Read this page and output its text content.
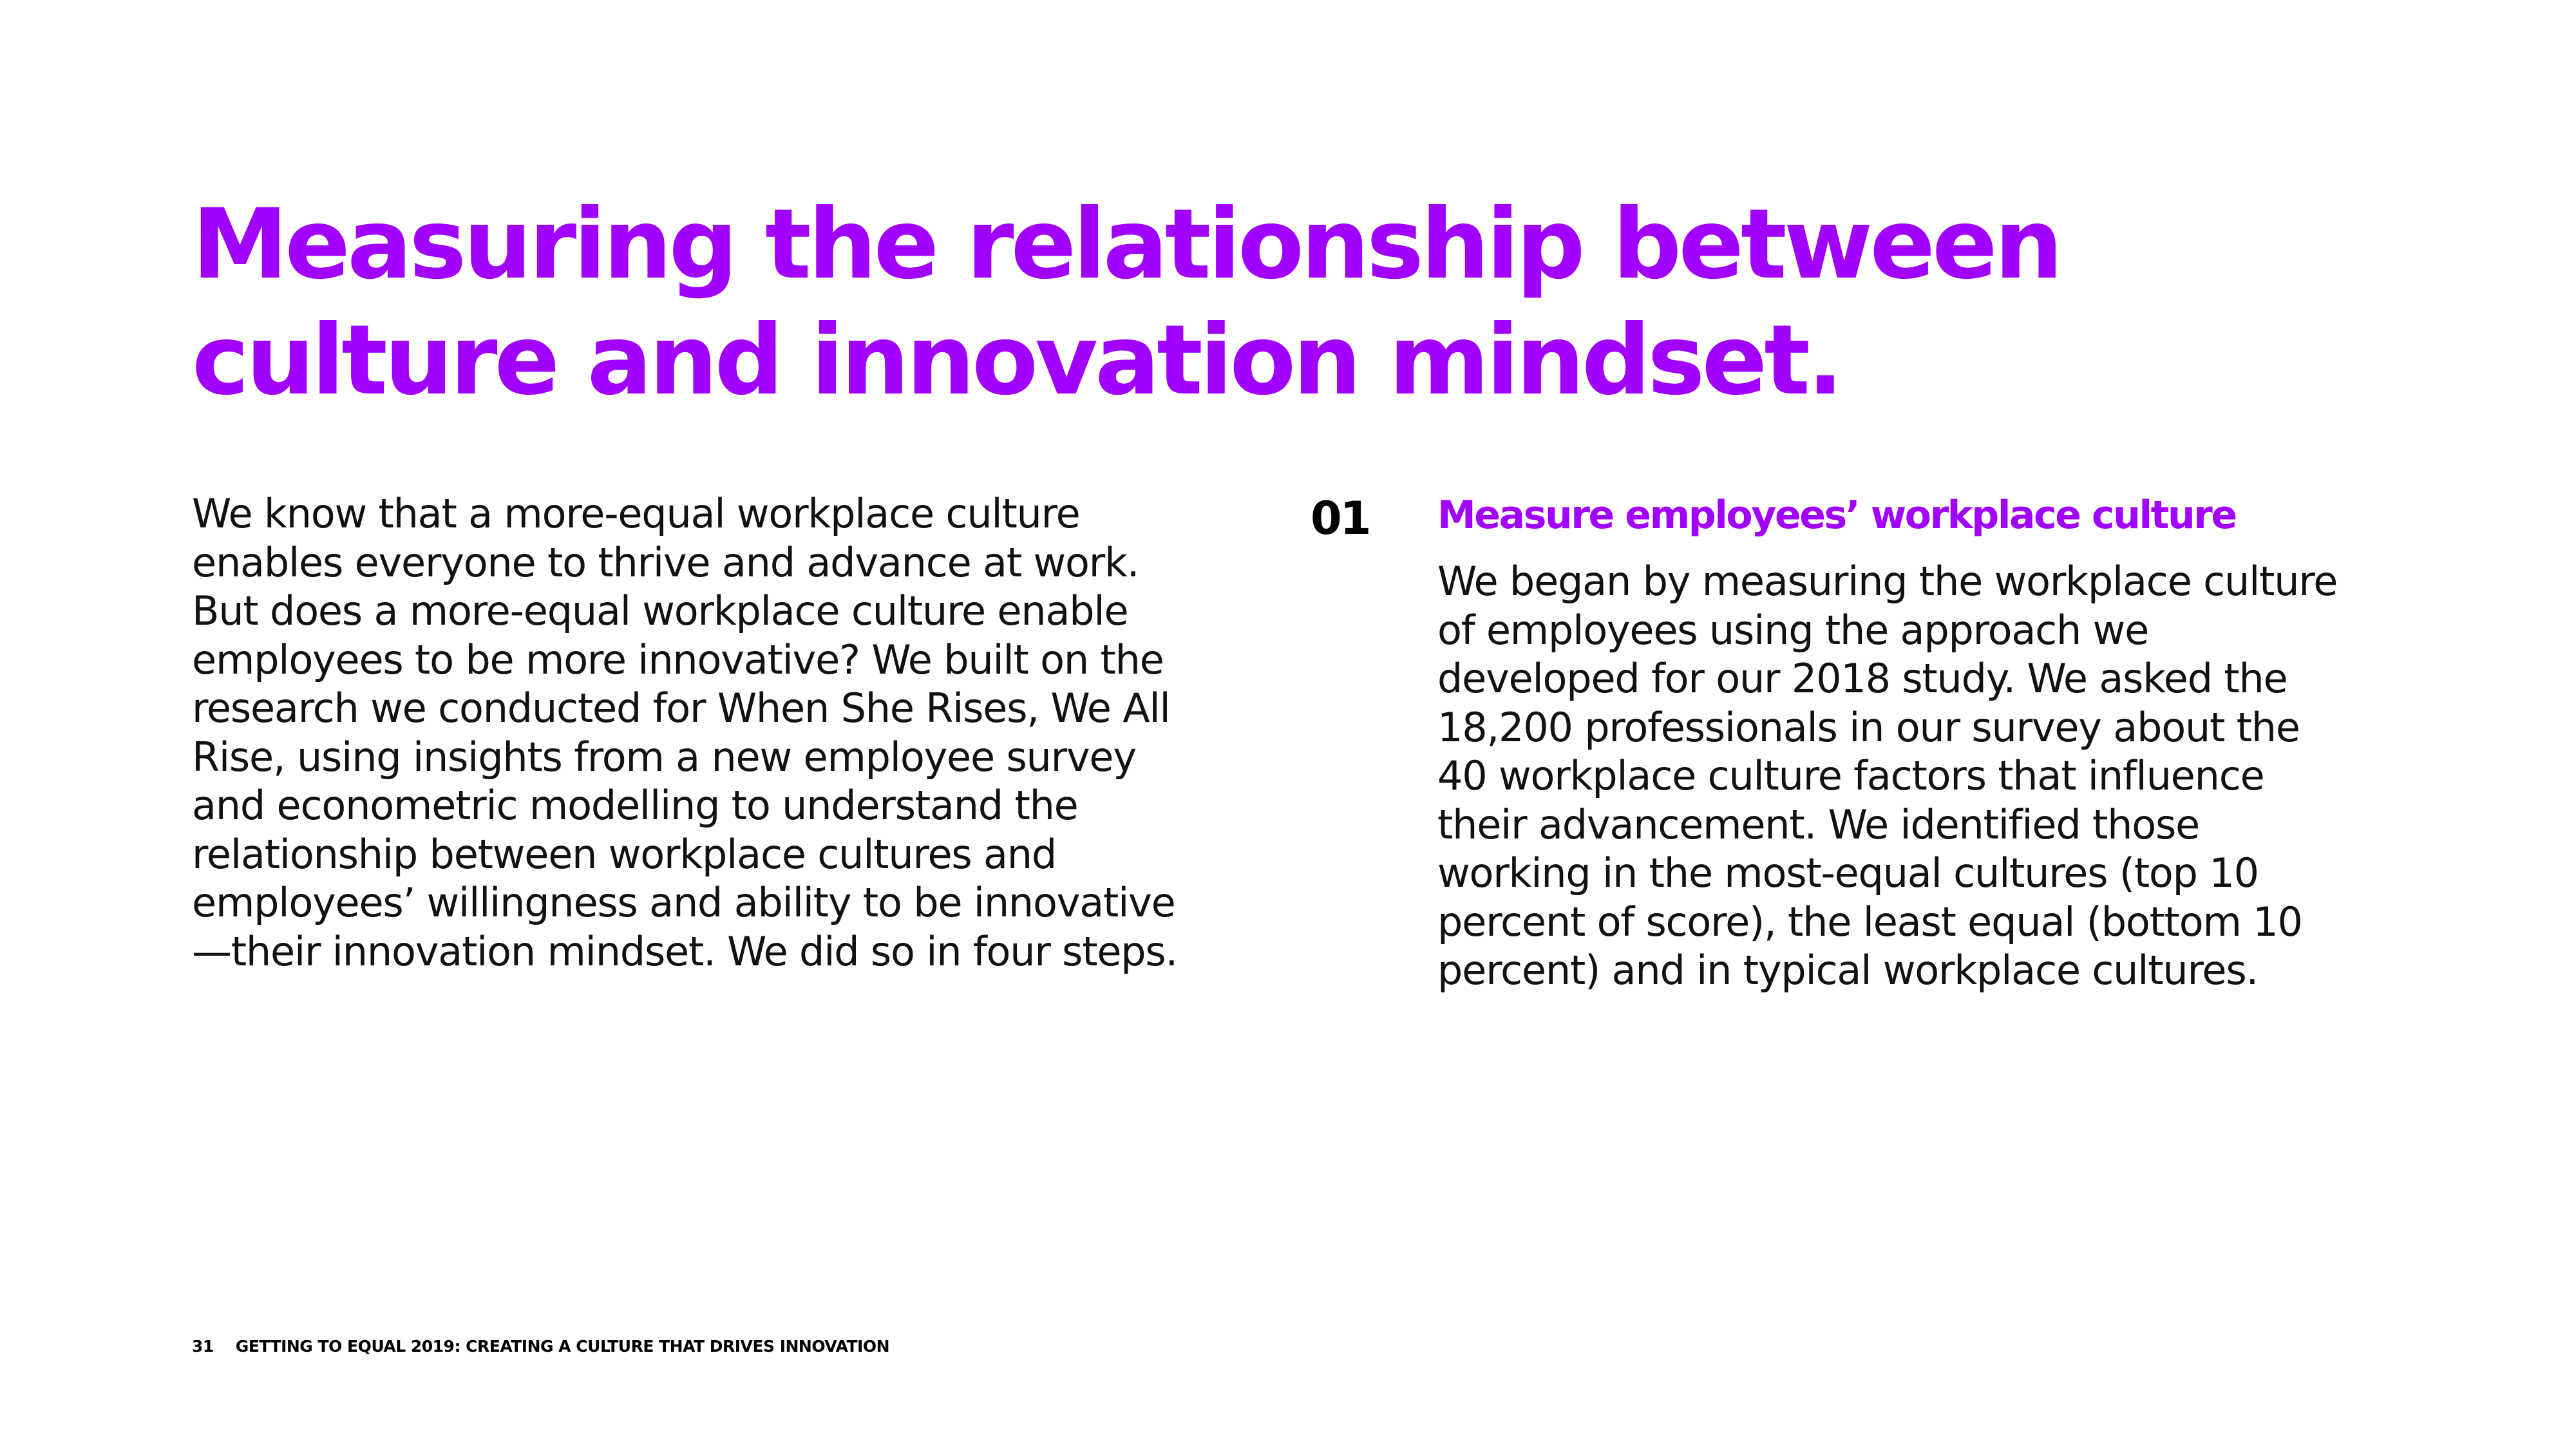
Measuring the relationship between culture and innovation mindset.

We know that a more-equal workplace culture enables everyone to thrive and advance at work. But does a more-equal workplace culture enable employees to be more innovative? We built on the research we conducted for When She Rises, We All Rise, using insights from a new employee survey and econometric modelling to understand the relationship between workplace cultures and employees’ willingness and ability to be innovative—their innovation mindset. We did so in four steps.

01 Measure employees’ workplace culture

We began by measuring the workplace culture of employees using the approach we developed for our 2018 study. We asked the 18,200 professionals in our survey about the 40 workplace culture factors that influence their advancement. We identified those working in the most-equal cultures (top 10 percent of score), the least equal (bottom 10 percent) and in typical workplace cultures.

31 GETTING TO EQUAL 2019: CREATING A CULTURE THAT DRIVES INNOVATION
